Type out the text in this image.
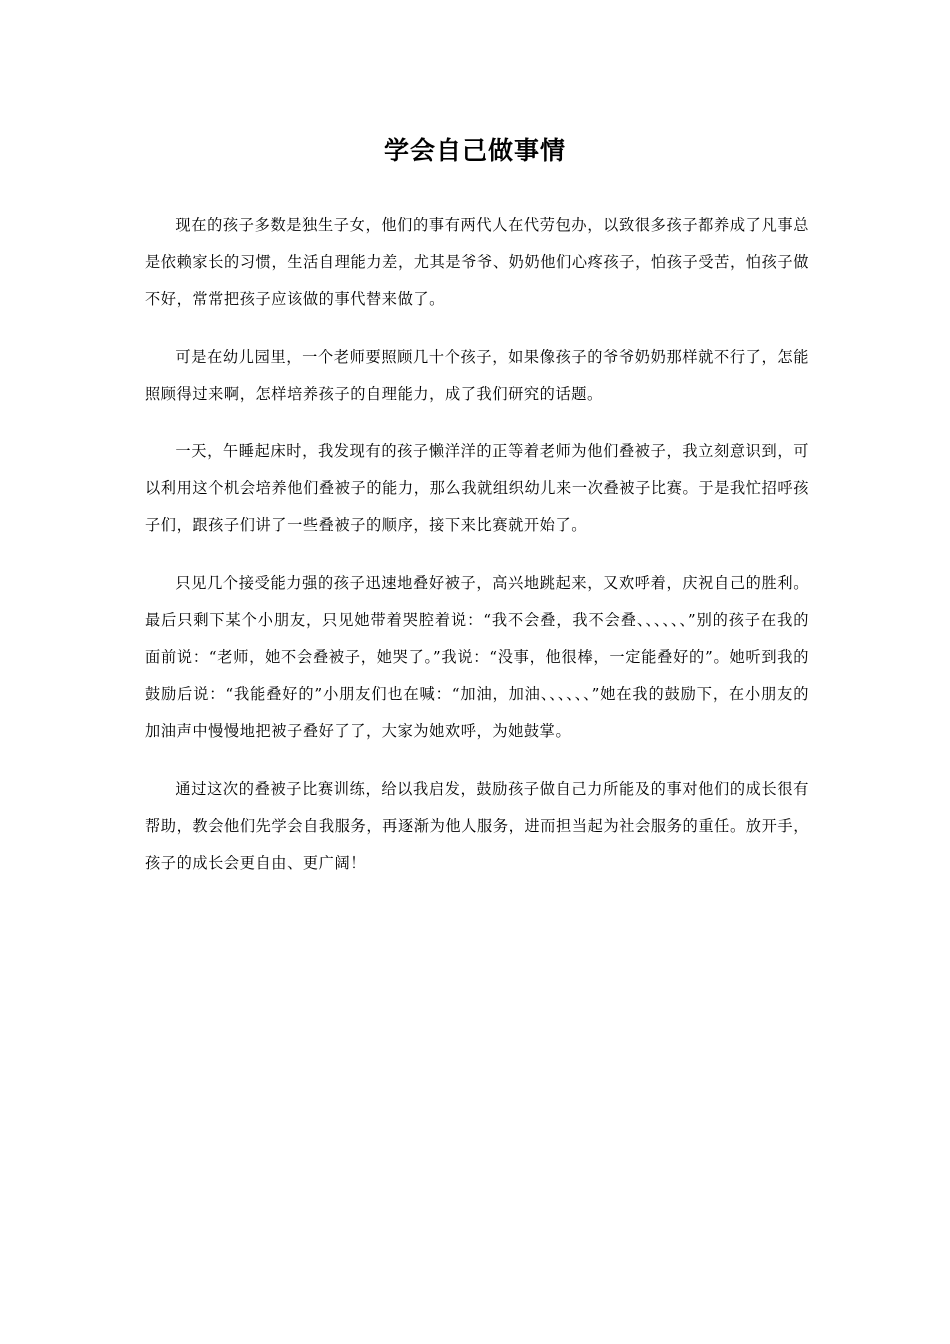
学会自己做事情

现在的孩子多数是独生子女，他们的事有两代人在代劳包办，以致很多孩子都养成了凡事总是依赖家长的习惯，生活自理能力差，尤其是爷爷、奶奶他们心疼孩子，怕孩子受苦，怕孩子做不好，常常把孩子应该做的事代替来做了。

可是在幼儿园里，一个老师要照顾几十个孩子，如果像孩子的爷爷奶奶那样就不行了，怎能照顾得过来啊，怎样培养孩子的自理能力，成了我们研究的话题。

一天，午睡起床时，我发现有的孩子懒洋洋的正等着老师为他们叠被子，我立刻意识到，可以利用这个机会培养他们叠被子的能力，那么我就组织幼儿来一次叠被子比赛。于是我忙招呼孩子们，跟孩子们讲了一些叠被子的顺序，接下来比赛就开始了。

只见几个接受能力强的孩子迅速地叠好被子，高兴地跳起来，又欢呼着，庆祝自己的胜利。最后只剩下某个小朋友，只见她带着哭腔着说：“我不会叠，我不会叠、、、、、、”别的孩子在我的面前说：“老师，她不会叠被子，她哭了。”我说：“没事，他很棒，一定能叠好的”。她听到我的鼓励后说：“我能叠好的”小朋友们也在喊：“加油，加油、、、、、、”她在我的鼓励下，在小朋友的加油声中慢慢地把被子叠好了了，大家为她欢呼，为她鼓掌。

通过这次的叠被子比赛训练，给以我启发，鼓励孩子做自己力所能及的事对他们的成长很有帮助，教会他们先学会自我服务，再逐渐为他人服务，进而担当起为社会服务的重任。放开手，孩子的成长会更自由、更广阔！
